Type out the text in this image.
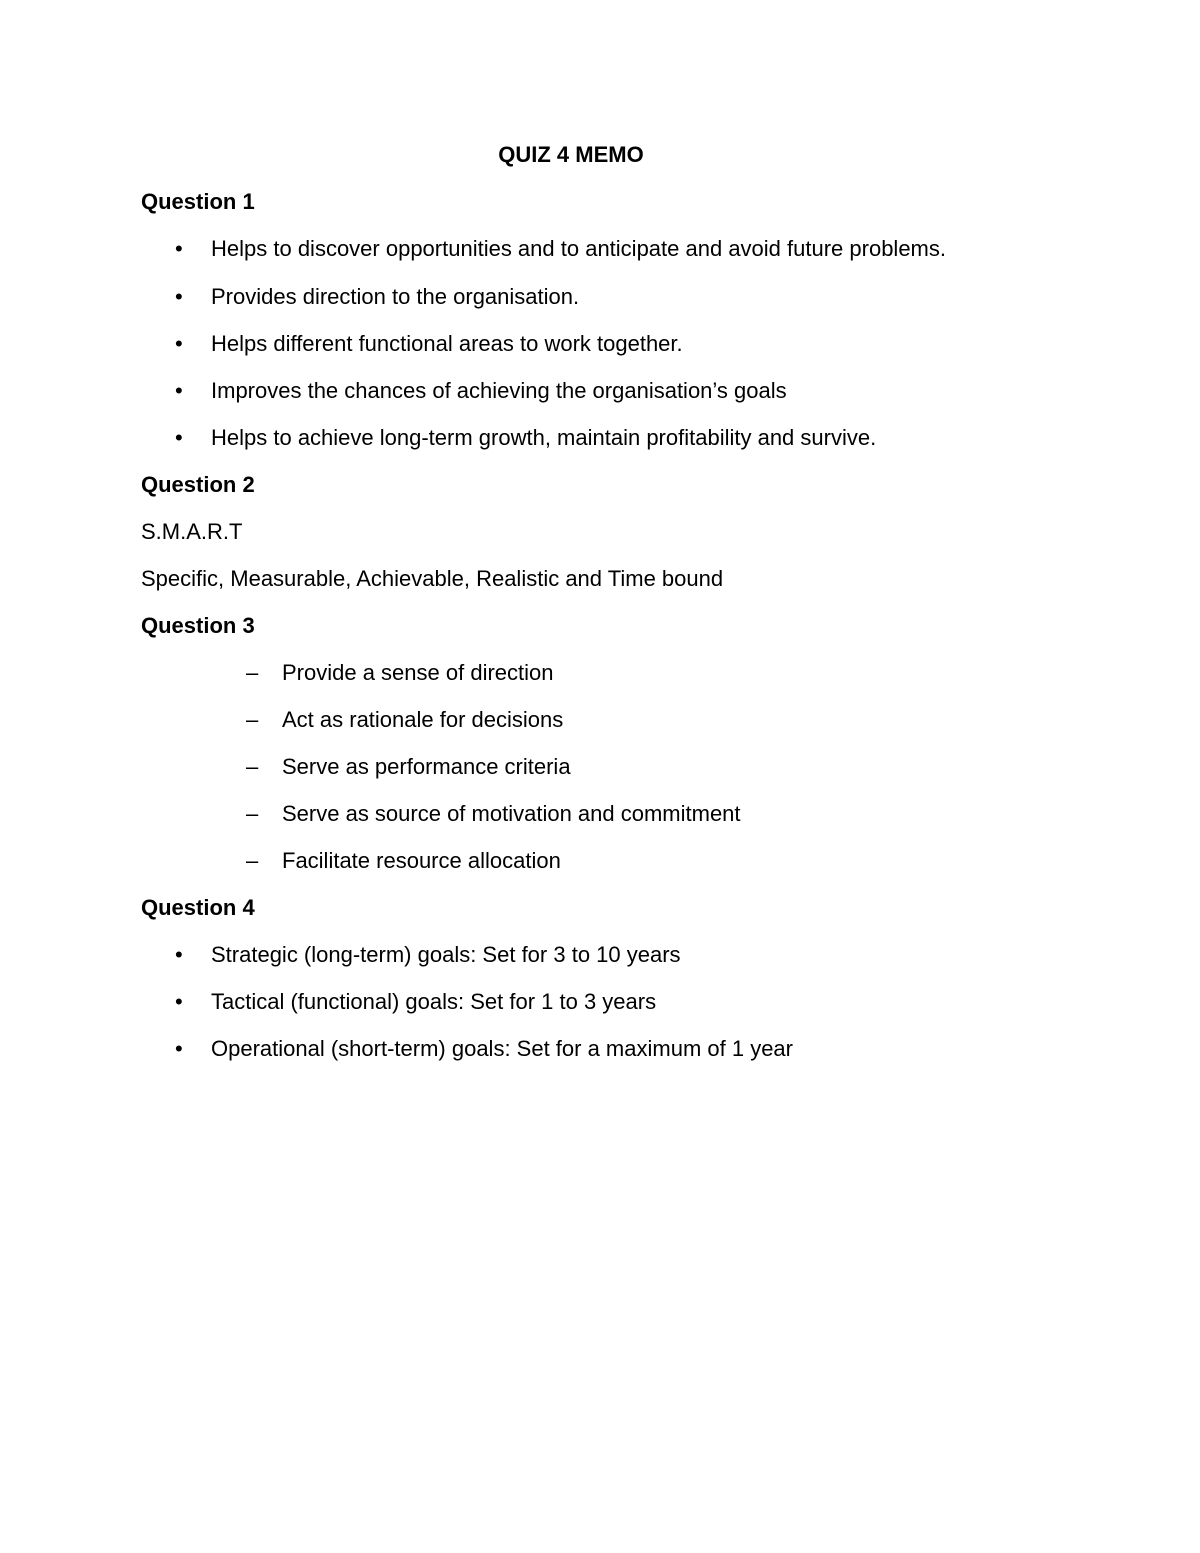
QUIZ 4 MEMO
Question 1
• Helps to discover opportunities and to anticipate and avoid future problems.
• Provides direction to the organisation.
• Helps different functional areas to work together.
• Improves the chances of achieving the organisation’s goals
• Helps to achieve long-term growth, maintain profitability and survive.
Question 2
S.M.A.R.T
Specific, Measurable, Achievable, Realistic and Time bound
Question 3
– Provide a sense of direction
– Act as rationale for decisions
– Serve as performance criteria
– Serve as source of motivation and commitment
– Facilitate resource allocation
Question 4
• Strategic (long-term) goals: Set for 3 to 10 years
• Tactical (functional) goals: Set for 1 to 3 years
• Operational (short-term) goals: Set for a maximum of 1 year
